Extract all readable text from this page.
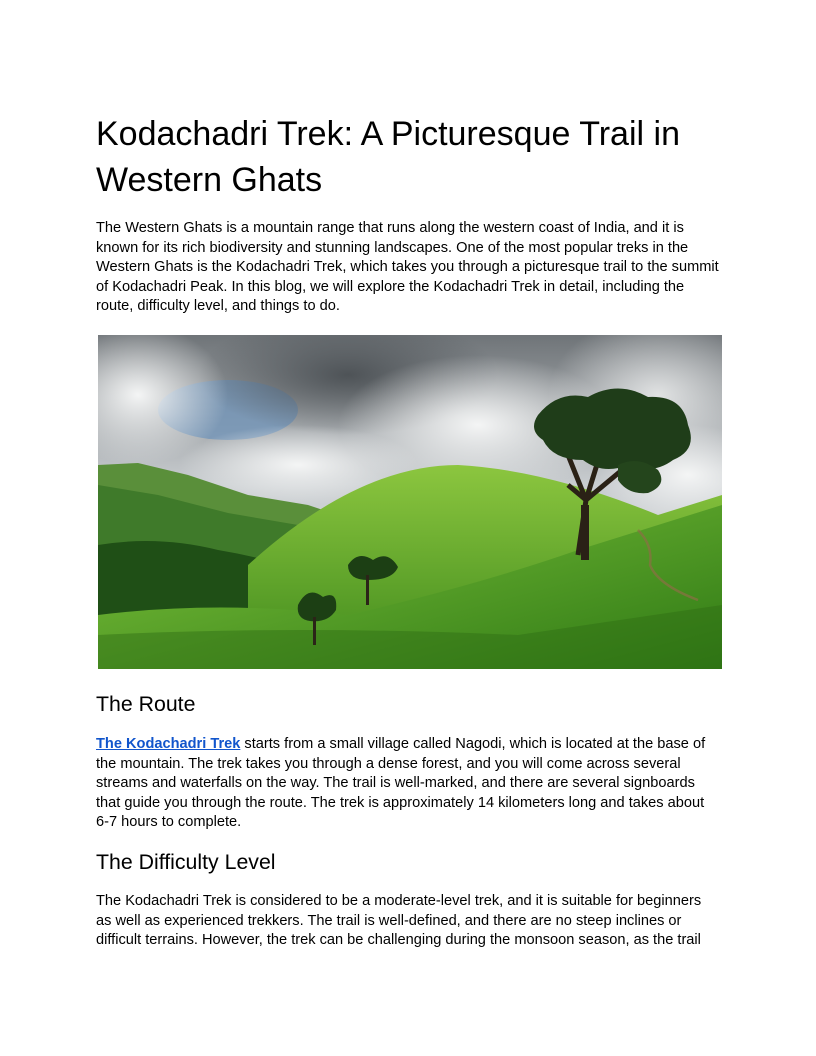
Kodachadri Trek: A Picturesque Trail in Western Ghats

The Western Ghats is a mountain range that runs along the western coast of India, and it is known for its rich biodiversity and stunning landscapes. One of the most popular treks in the Western Ghats is the Kodachadri Trek, which takes you through a picturesque trail to the summit of Kodachadri Peak. In this blog, we will explore the Kodachadri Trek in detail, including the route, difficulty level, and things to do.

The Route

The Kodachadri Trek starts from a small village called Nagodi, which is located at the base of the mountain. The trek takes you through a dense forest, and you will come across several streams and waterfalls on the way. The trail is well-marked, and there are several signboards that guide you through the route. The trek is approximately 14 kilometers long and takes about 6-7 hours to complete.

The Difficulty Level

The Kodachadri Trek is considered to be a moderate-level trek, and it is suitable for beginners as well as experienced trekkers. The trail is well-defined, and there are no steep inclines or difficult terrains. However, the trek can be challenging during the monsoon season, as the trail
